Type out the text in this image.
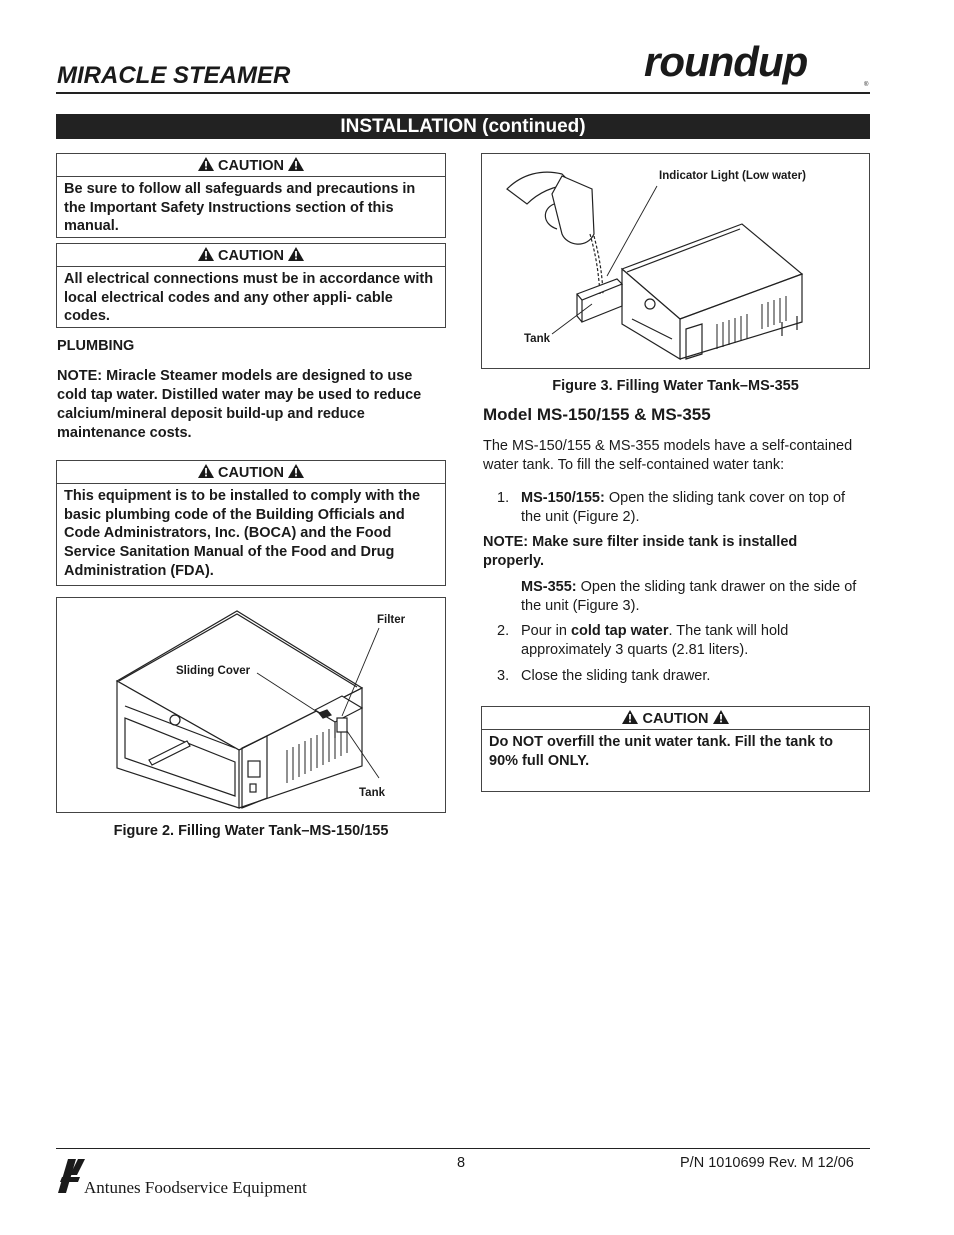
MIRACLE STEAMER	roundup	®
INSTALLATION (continued)
CAUTION
Be sure to follow all safeguards and precautions in the Important Safety Instructions section of this manual.
CAUTION
All electrical connections must be in accordance with local electrical codes and any other appli- cable codes.
PLUMBING
NOTE: Miracle Steamer models are designed to use cold tap water. Distilled water may be used to reduce calcium/mineral deposit build-up and reduce maintenance costs.
CAUTION
This equipment is to be installed to comply with the basic plumbing code of the Building Officials and Code Administrators, Inc. (BOCA) and the Food Service Sanitation Manual of the Food and Drug Administration (FDA).
Filter
Sliding Cover
Tank
Figure 2. Filling Water Tank–MS-150/155
Indicator Light (Low water)
Tank
Figure 3. Filling Water Tank–MS-355
Model MS-150/155 & MS-355
The MS-150/155 & MS-355 models have a self-contained water tank. To fill the self-contained water tank:
1. MS-150/155: Open the sliding tank cover on top of the unit (Figure 2).
NOTE: Make sure filter inside tank is installed properly.
MS-355: Open the sliding tank drawer on the side of the unit (Figure 3).
2. Pour in cold tap water. The tank will hold approximately 3 quarts (2.81 liters).
3. Close the sliding tank drawer.
CAUTION
Do NOT overfill the unit water tank. Fill the tank to 90% full ONLY.
Antunes Foodservice Equipment
8	P/N 1010699 Rev. M 12/06
